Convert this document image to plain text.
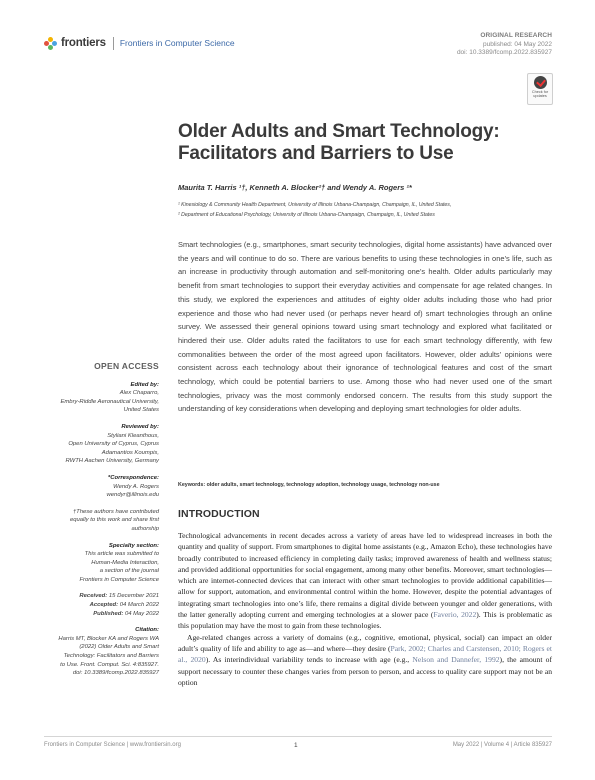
frontiers Frontiers in Computer Science
ORIGINAL RESEARCH
published: 04 May 2022
doi: 10.3389/fcomp.2022.835927
Check for
updates
Older Adults and Smart Technology:
Facilitators and Barriers to Use
Maurita T. Harris ¹†, Kenneth A. Blocker²† and Wendy A. Rogers ¹*
¹ Kinesiology & Community Health Department, University of Illinois Urbana-Champaign, Champaign, IL, United States,
² Department of Educational Psychology, University of Illinois Urbana-Champaign, Champaign, IL, United States
Smart technologies (e.g., smartphones, smart security technologies, digital home assistants) have advanced over the years and will continue to do so. There are various benefits to using these technologies in one’s life, such as an increase in productivity through automation and self-monitoring one’s health. Older adults particularly may benefit from smart technologies to support their everyday activities and compensate for age related changes. In this study, we explored the experiences and attitudes of eighty older adults including those who had prior experience and those who had never used (or perhaps never heard of) smart technologies through an online survey. We assessed their general opinions toward using smart technology and explored what facilitated or hindered their use. Older adults rated the facilitators to use for each smart technology differently, with few commonalities between the order of the most agreed upon facilitators. However, older adults’ opinions were consistent across each technology about their ignorance of technological features and cost of the smart technology, which could be potential barriers to use. Among those who had never used one of the smart technologies, privacy was the most commonly endorsed concern. The results from this study support the understanding of key considerations when developing and deploying smart technologies for older adults.
Keywords: older adults, smart technology, technology adoption, technology usage, technology non-use
INTRODUCTION

Technological advancements in recent decades across a variety of areas have led to widespread increases in both the quantity and quality of support. From smartphones to digital home assistants (e.g., Amazon Echo), these technologies have broadly contributed to increased efficiency in completing daily tasks; improved awareness of health and wellness status; and provided additional opportunities for social engagement, among many other benefits. Moreover, smart technologies—which are internet-connected devices that can interact with other smart technologies to provide additional capabilities—allow for support, automation, and environmental control within the home. However, despite the potential advantages of integrating smart technologies into one’s life, there remains a digital divide between younger and older generations, with the latter generally adopting current and emerging technologies at a slower pace (Faverio, 2022). This is problematic as this population may have the most to gain from these technologies.

Age-related changes across a variety of domains (e.g., cognitive, emotional, physical, social) can impact an older adult’s quality of life and ability to age as—and where—they desire (Park, 2002; Charles and Carstensen, 2010; Rogers et al., 2020). As interindividual variability tends to increase with age (e.g., Nelson and Dannefer, 1992), the amount of support necessary to counter these changes varies from person to person, and access to quality care support may not be an option

OPEN ACCESS
Edited by:
Alex Chaparro,
Embry-Riddle Aeronautical University,
United States
Reviewed by:
Styliani Kleanthous,
Open University of Cyprus, Cyprus
Adamantios Koumpis,
RWTH Aachen University, Germany
*Correspondence:
Wendy A. Rogers
wendyr@illinois.edu
†These authors have contributed
equally to this work and share first
authorship
Specialty section:
This article was submitted to
Human-Media Interaction,
a section of the journal
Frontiers in Computer Science
Received: 15 December 2021
Accepted: 04 March 2022
Published: 04 May 2022
Citation:
Harris MT, Blocker KA and Rogers WA
(2022) Older Adults and Smart
Technology: Facilitators and Barriers
to Use. Front. Comput. Sci. 4:835927.
doi: 10.3389/fcomp.2022.835927
Frontiers in Computer Science | www.frontiersin.org	1	May 2022 | Volume 4 | Article 835927
